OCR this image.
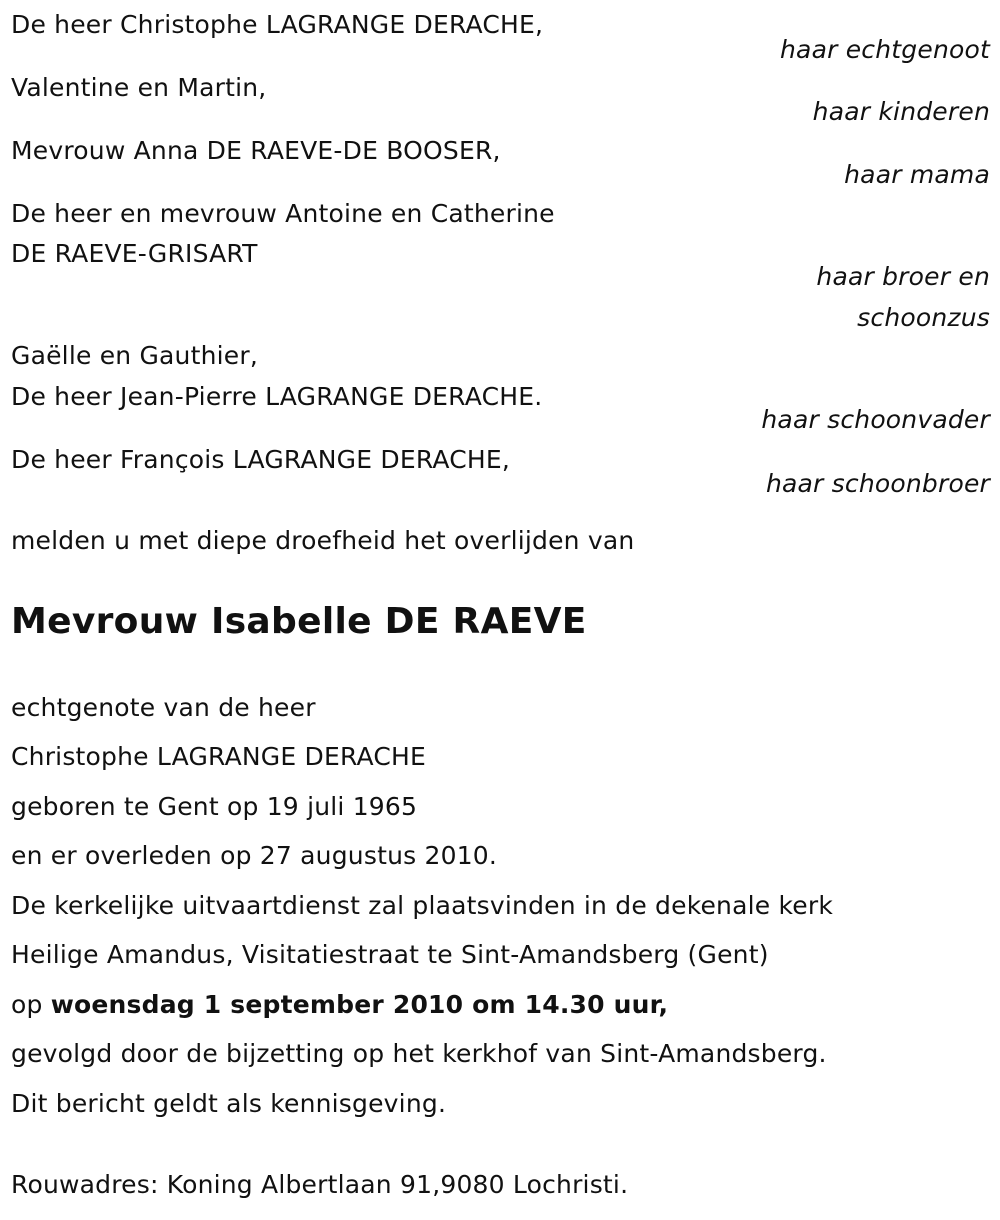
De heer Christophe LAGRANGE DERACHE,
haar echtgenoot
Valentine en Martin,
haar kinderen
Mevrouw Anna DE RAEVE-DE BOOSER,
haar mama
De heer en mevrouw Antoine en Catherine
DE RAEVE-GRISART
haar broer en
schoonzus
Gaëlle en Gauthier,
De heer Jean-Pierre LAGRANGE DERACHE.
haar schoonvader
De heer François LAGRANGE DERACHE,
haar schoonbroer
melden u met diepe droefheid het overlijden van
Mevrouw Isabelle DE RAEVE
echtgenote van de heer
Christophe LAGRANGE DERACHE
geboren te Gent op 19 juli 1965
en er overleden op 27 augustus 2010.
De kerkelijke uitvaartdienst zal plaatsvinden in de dekenale kerk
Heilige Amandus, Visitatiestraat te Sint-Amandsberg (Gent)
op woensdag 1 september 2010 om 14.30 uur,
gevolgd door de bijzetting op het kerkhof van Sint-Amandsberg.
Dit bericht geldt als kennisgeving.
Rouwadres: Koning Albertlaan 91,9080 Lochristi.
